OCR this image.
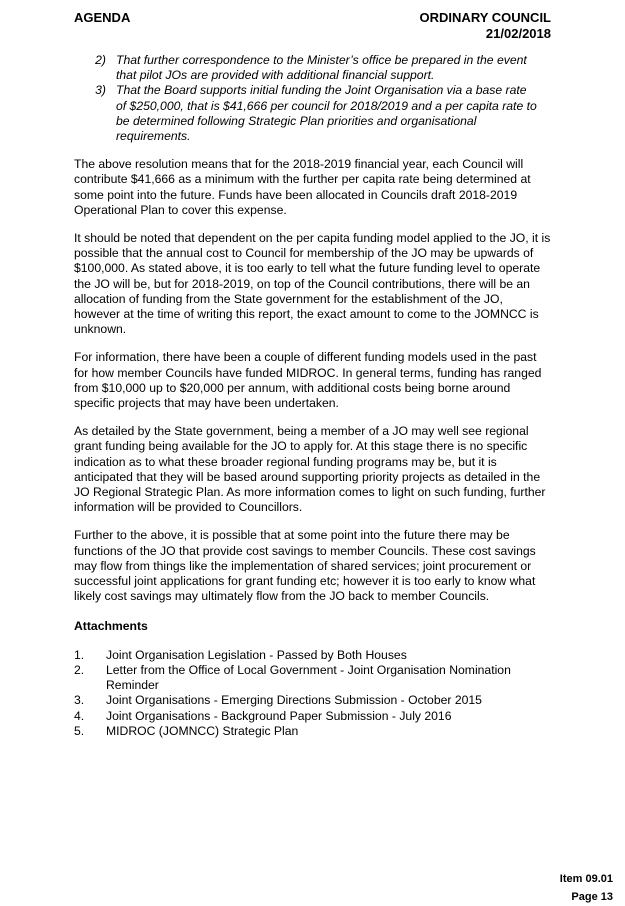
AGENDA	ORDINARY COUNCIL
21/02/2018
2) That further correspondence to the Minister’s office be prepared in the event that pilot JOs are provided with additional financial support.
3) That the Board supports initial funding the Joint Organisation via a base rate of $250,000, that is $41,666 per council for 2018/2019 and a per capita rate to be determined following Strategic Plan priorities and organisational requirements.

The above resolution means that for the 2018-2019 financial year, each Council will contribute $41,666 as a minimum with the further per capita rate being determined at some point into the future. Funds have been allocated in Councils draft 2018-2019 Operational Plan to cover this expense.

It should be noted that dependent on the per capita funding model applied to the JO, it is possible that the annual cost to Council for membership of the JO may be upwards of $100,000. As stated above, it is too early to tell what the future funding level to operate the JO will be, but for 2018-2019, on top of the Council contributions, there will be an allocation of funding from the State government for the establishment of the JO, however at the time of writing this report, the exact amount to come to the JOMNCC is unknown.

For information, there have been a couple of different funding models used in the past for how member Councils have funded MIDROC. In general terms, funding has ranged from $10,000 up to $20,000 per annum, with additional costs being borne around specific projects that may have been undertaken.

As detailed by the State government, being a member of a JO may well see regional grant funding being available for the JO to apply for. At this stage there is no specific indication as to what these broader regional funding programs may be, but it is anticipated that they will be based around supporting priority projects as detailed in the JO Regional Strategic Plan. As more information comes to light on such funding, further information will be provided to Councillors.

Further to the above, it is possible that at some point into the future there may be functions of the JO that provide cost savings to member Councils. These cost savings may flow from things like the implementation of shared services; joint procurement or successful joint applications for grant funding etc; however it is too early to know what likely cost savings may ultimately flow from the JO back to member Councils.

Attachments
1.	Joint Organisation Legislation - Passed by Both Houses
2.	Letter from the Office of Local Government - Joint Organisation Nomination Reminder
3.	Joint Organisations - Emerging Directions Submission - October 2015
4.	Joint Organisations - Background Paper Submission - July 2016
5.	MIDROC (JOMNCC) Strategic Plan
Item 09.01
Page 13
